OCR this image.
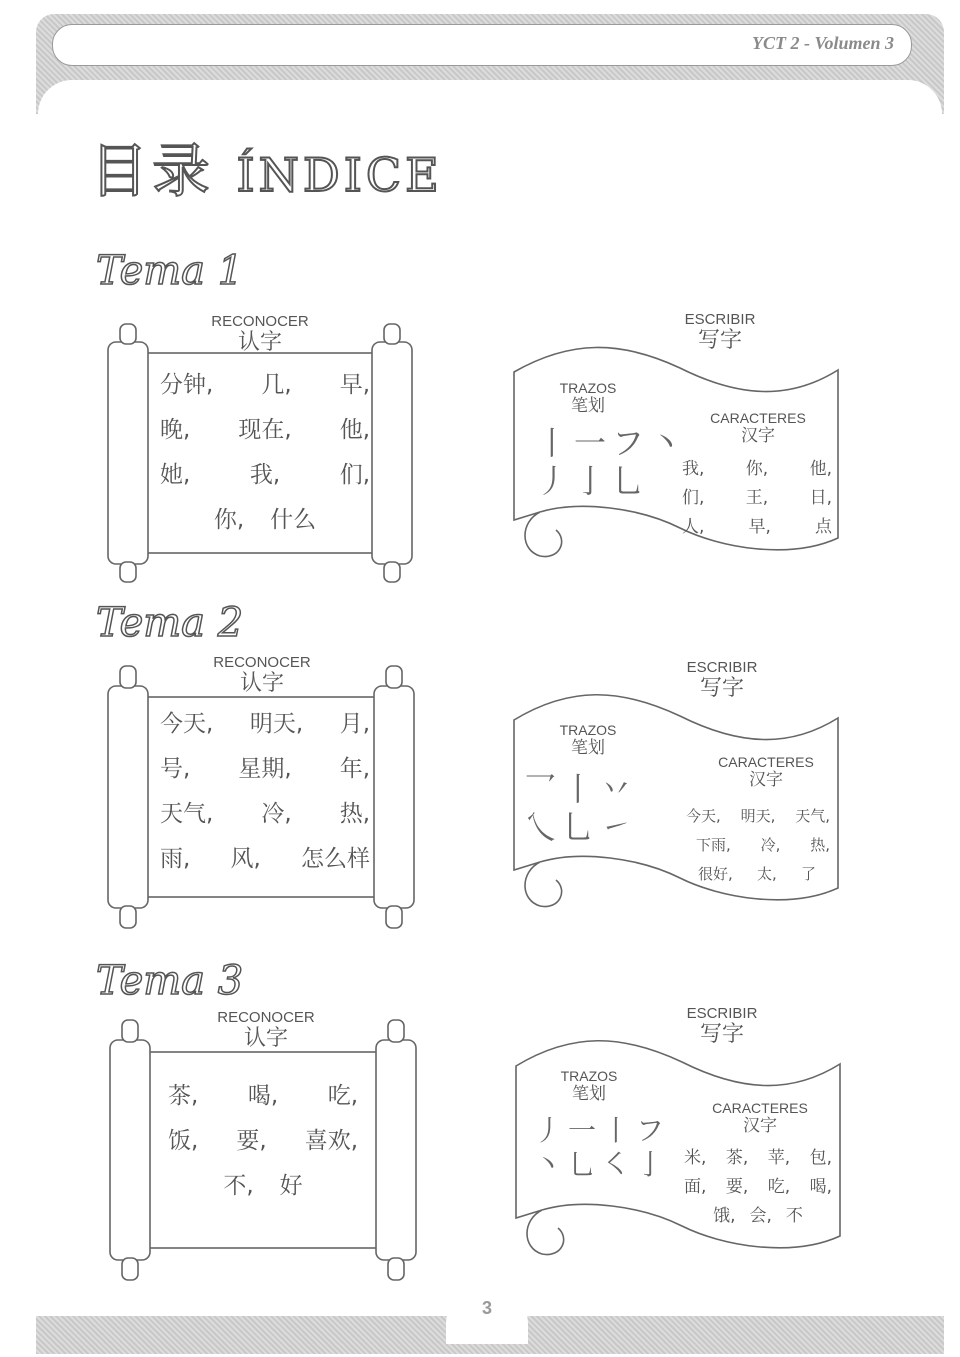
YCT 2 - Volumen 3
3
目录 ÍNDICE
Tema 1
RECONOCER
认字
分钟, 几, 早,
晚, 现在, 他,
她,	我,	们,
你, 什么
ESCRIBIR
写字
TRAZOS
笔划
丨一フ丶
丿亅乚
CARACTERES
汉字
我, 你, 他,
们, 王, 日,
人,	早,	点
Tema 2
RECONOCER
认字
今天, 明天, 月,
号, 星期, 年,
天气, 冷, 热,
雨, 风, 怎么样
ESCRIBIR
写字
TRAZOS
笔划
乛丨丷
乀乚㇀
CARACTERES
汉字
今天, 明天, 天气,
下雨, 冷, 热,
很好, 太, 了
Tema 3
RECONOCER
认字
茶, 喝, 吃,
饭, 要, 喜欢,
不, 好
ESCRIBIR
写字
TRAZOS
笔划
丿一丨フ
丶乚㇛亅
CARACTERES
汉字
米, 茶, 苹, 包,
面, 要, 吃, 喝,
饿, 会, 不
